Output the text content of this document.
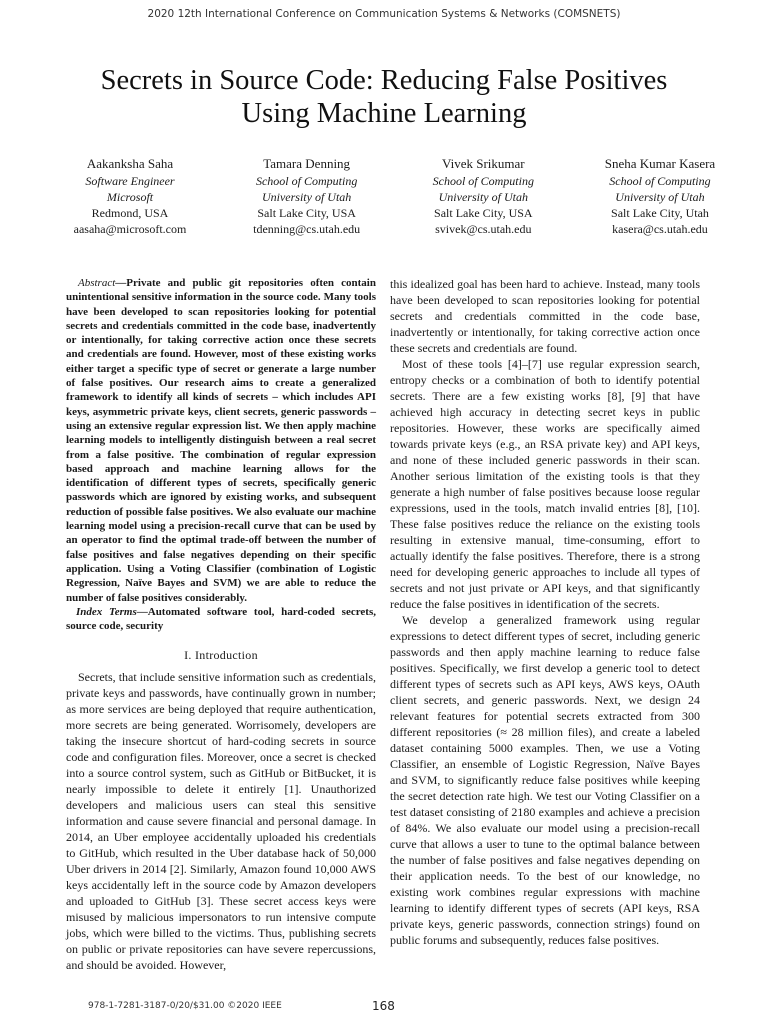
2020 12th International Conference on Communication Systems & Networks (COMSNETS)
Secrets in Source Code: Reducing False Positives
Using Machine Learning
Aakanksha Saha
Software Engineer
Microsoft
Redmond, USA
aasaha@microsoft.com
Tamara Denning
School of Computing
University of Utah
Salt Lake City, USA
tdenning@cs.utah.edu
Vivek Srikumar
School of Computing
University of Utah
Salt Lake City, USA
svivek@cs.utah.edu
Sneha Kumar Kasera
School of Computing
University of Utah
Salt Lake City, Utah
kasera@cs.utah.edu

Abstract—Private and public git repositories often contain unintentional sensitive information in the source code. Many tools have been developed to scan repositories looking for potential secrets and credentials committed in the code base, inadvertently or intentionally, for taking corrective action once these secrets and credentials are found. However, most of these existing works either target a specific type of secret or generate a large number of false positives. Our research aims to create a generalized framework to identify all kinds of secrets – which includes API keys, asymmetric private keys, client secrets, generic passwords – using an extensive regular expression list. We then apply machine learning models to intelligently distinguish between a real secret from a false positive. The combination of regular expression based approach and machine learning allows for the identification of different types of secrets, specifically generic passwords which are ignored by existing works, and subsequent reduction of possible false positives. We also evaluate our machine learning model using a precision-recall curve that can be used by an operator to find the optimal trade-off between the number of false positives and false negatives depending on their specific application. Using a Voting Classifier (combination of Logistic Regression, Naïve Bayes and SVM) we are able to reduce the number of false positives considerably.

Index Terms—Automated software tool, hard-coded secrets, source code, security

I. Introduction

Secrets, that include sensitive information such as credentials, private keys and passwords, have continually grown in number; as more services are being deployed that require authentication, more secrets are being generated. Worrisomely, developers are taking the insecure shortcut of hard-coding secrets in source code and configuration files. Moreover, once a secret is checked into a source control system, such as GitHub or BitBucket, it is nearly impossible to delete it entirely [1]. Unauthorized developers and malicious users can steal this sensitive information and cause severe financial and personal damage. In 2014, an Uber employee accidentally uploaded his credentials to GitHub, which resulted in the Uber database hack of 50,000 Uber drivers in 2014 [2]. Similarly, Amazon found 10,000 AWS keys accidentally left in the source code by Amazon developers and uploaded to GitHub [3]. These secret access keys were misused by malicious impersonators to run intensive compute jobs, which were billed to the victims. Thus, publishing secrets on public or private repositories can have severe repercussions, and should be avoided. However,

this idealized goal has been hard to achieve. Instead, many tools have been developed to scan repositories looking for potential secrets and credentials committed in the code base, inadvertently or intentionally, for taking corrective action once these secrets and credentials are found.

Most of these tools [4]–[7] use regular expression search, entropy checks or a combination of both to identify potential secrets. There are a few existing works [8], [9] that have achieved high accuracy in detecting secret keys in public repositories. However, these works are specifically aimed towards private keys (e.g., an RSA private key) and API keys, and none of these included generic passwords in their scan. Another serious limitation of the existing tools is that they generate a high number of false positives because loose regular expressions, used in the tools, match invalid entries [8], [10]. These false positives reduce the reliance on the existing tools resulting in extensive manual, time-consuming, effort to actually identify the false positives. Therefore, there is a strong need for developing generic approaches to include all types of secrets and not just private or API keys, and that significantly reduce the false positives in identification of the secrets.

We develop a generalized framework using regular expressions to detect different types of secret, including generic passwords and then apply machine learning to reduce false positives. Specifically, we first develop a generic tool to detect different types of secrets such as API keys, AWS keys, OAuth client secrets, and generic passwords. Next, we design 24 relevant features for potential secrets extracted from 300 different repositories (≈ 28 million files), and create a labeled dataset containing 5000 examples. Then, we use a Voting Classifier, an ensemble of Logistic Regression, Naïve Bayes and SVM, to significantly reduce false positives while keeping the secret detection rate high. We test our Voting Classifier on a test dataset consisting of 2180 examples and achieve a precision of 84%. We also evaluate our model using a precision-recall curve that allows a user to tune to the optimal balance between the number of false positives and false negatives depending on their application needs. To the best of our knowledge, no existing work combines regular expressions with machine learning to identify different types of secrets (API keys, RSA private keys, generic passwords, connection strings) found on public forums and subsequently, reduces false positives.

978-1-7281-3187-0/20/$31.00 ©2020 IEEE	168
